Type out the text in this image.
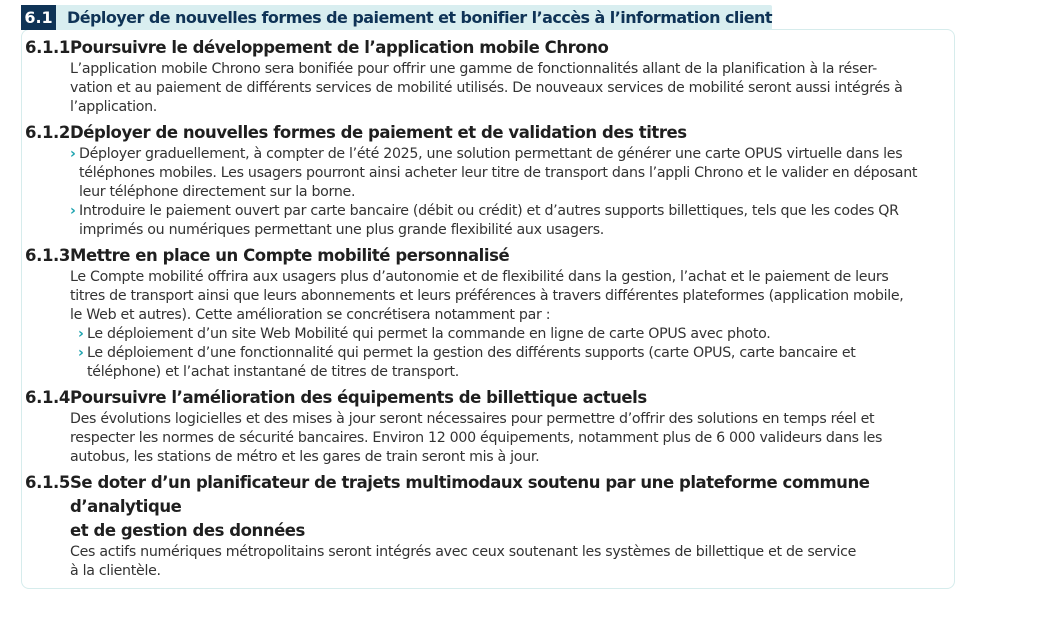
6.1 Déployer de nouvelles formes de paiement et bonifier l’accès à l’information client
6.1.1 Poursuivre le développement de l’application mobile Chrono
L’application mobile Chrono sera bonifiée pour offrir une gamme de fonctionnalités allant de la planification à la réser-
vation et au paiement de différents services de mobilité utilisés. De nouveaux services de mobilité seront aussi intégrés à
l’application.
6.1.2 Déployer de nouvelles formes de paiement et de validation des titres
› Déployer graduellement, à compter de l’été 2025, une solution permettant de générer une carte OPUS virtuelle dans les
téléphones mobiles. Les usagers pourront ainsi acheter leur titre de transport dans l’appli Chrono et le valider en déposant
leur téléphone directement sur la borne.
› Introduire le paiement ouvert par carte bancaire (débit ou crédit) et d’autres supports billettiques, tels que les codes QR
imprimés ou numériques permettant une plus grande flexibilité aux usagers.
6.1.3 Mettre en place un Compte mobilité personnalisé
Le Compte mobilité offrira aux usagers plus d’autonomie et de flexibilité dans la gestion, l’achat et le paiement de leurs
titres de transport ainsi que leurs abonnements et leurs préférences à travers différentes plateformes (application mobile,
le Web et autres). Cette amélioration se concrétisera notamment par :
› Le déploiement d’un site Web Mobilité qui permet la commande en ligne de carte OPUS avec photo.
› Le déploiement d’une fonctionnalité qui permet la gestion des différents supports (carte OPUS, carte bancaire et
téléphone) et l’achat instantané de titres de transport.
6.1.4 Poursuivre l’amélioration des équipements de billettique actuels
Des évolutions logicielles et des mises à jour seront nécessaires pour permettre d’offrir des solutions en temps réel et
respecter les normes de sécurité bancaires. Environ 12 000 équipements, notamment plus de 6 000 valideurs dans les
autobus, les stations de métro et les gares de train seront mis à jour.
6.1.5 Se doter d’un planificateur de trajets multimodaux soutenu par une plateforme commune d’analytique
et de gestion des données
Ces actifs numériques métropolitains seront intégrés avec ceux soutenant les systèmes de billettique et de service
à la clientèle.
